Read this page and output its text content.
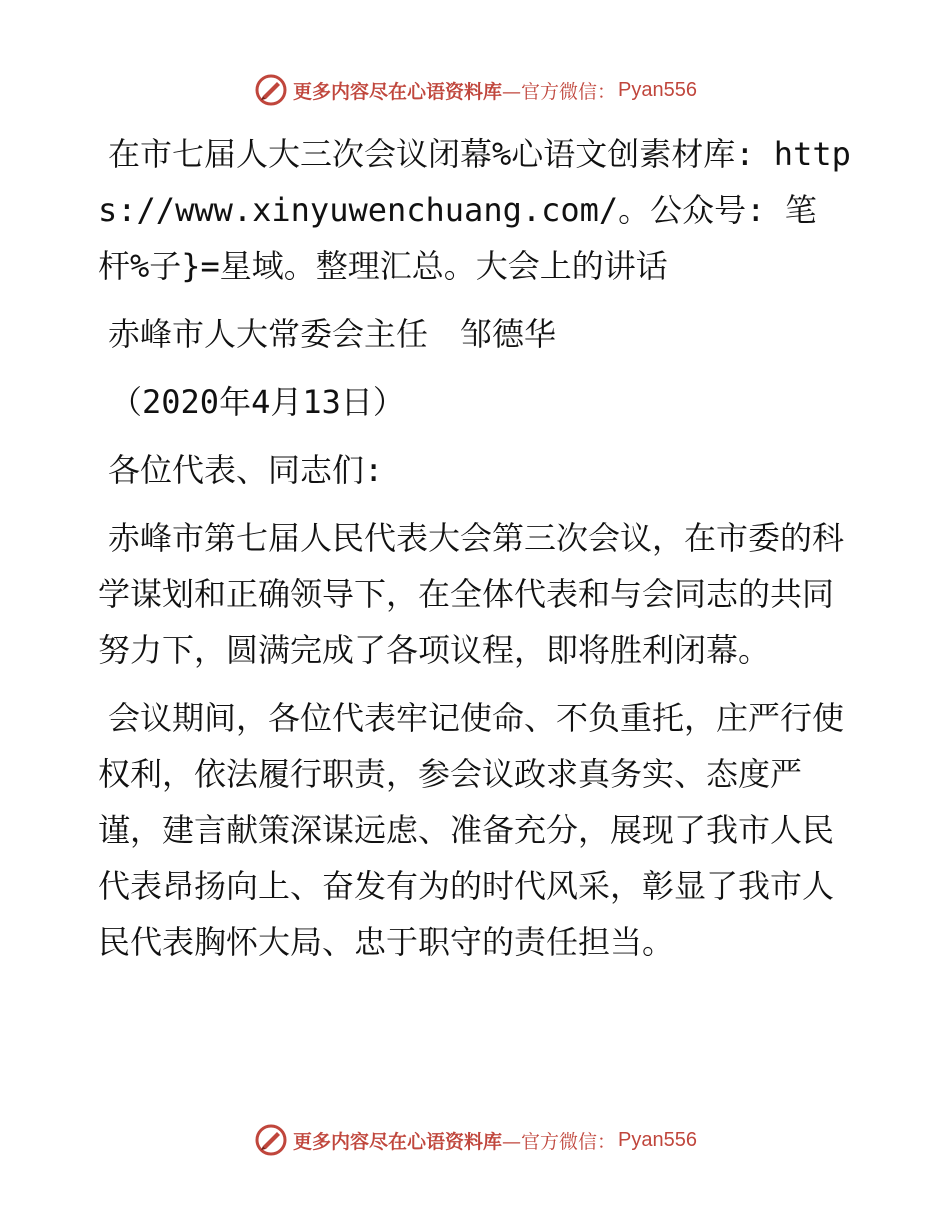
更多内容尽在心语资料库 —官方微信： Pyan556

在市七届人大三次会议闭幕%心语文创素材库: https://www.xinyuwenchuang.com/。公众号: 笔杆%子}=星域。整理汇总。大会上的讲话

赤峰市人大常委会主任　邹德华

（2020年4月13日）

各位代表、同志们:

赤峰市第七届人民代表大会第三次会议，在市委的科学谋划和正确领导下，在全体代表和与会同志的共同努力下，圆满完成了各项议程，即将胜利闭幕。

会议期间，各位代表牢记使命、不负重托，庄严行使权利，依法履行职责，参会议政求真务实、态度严谨，建言献策深谋远虑、准备充分，展现了我市人民代表昂扬向上、奋发有为的时代风采，彰显了我市人民代表胸怀大局、忠于职守的责任担当。

更多内容尽在心语资料库 —官方微信： Pyan556
